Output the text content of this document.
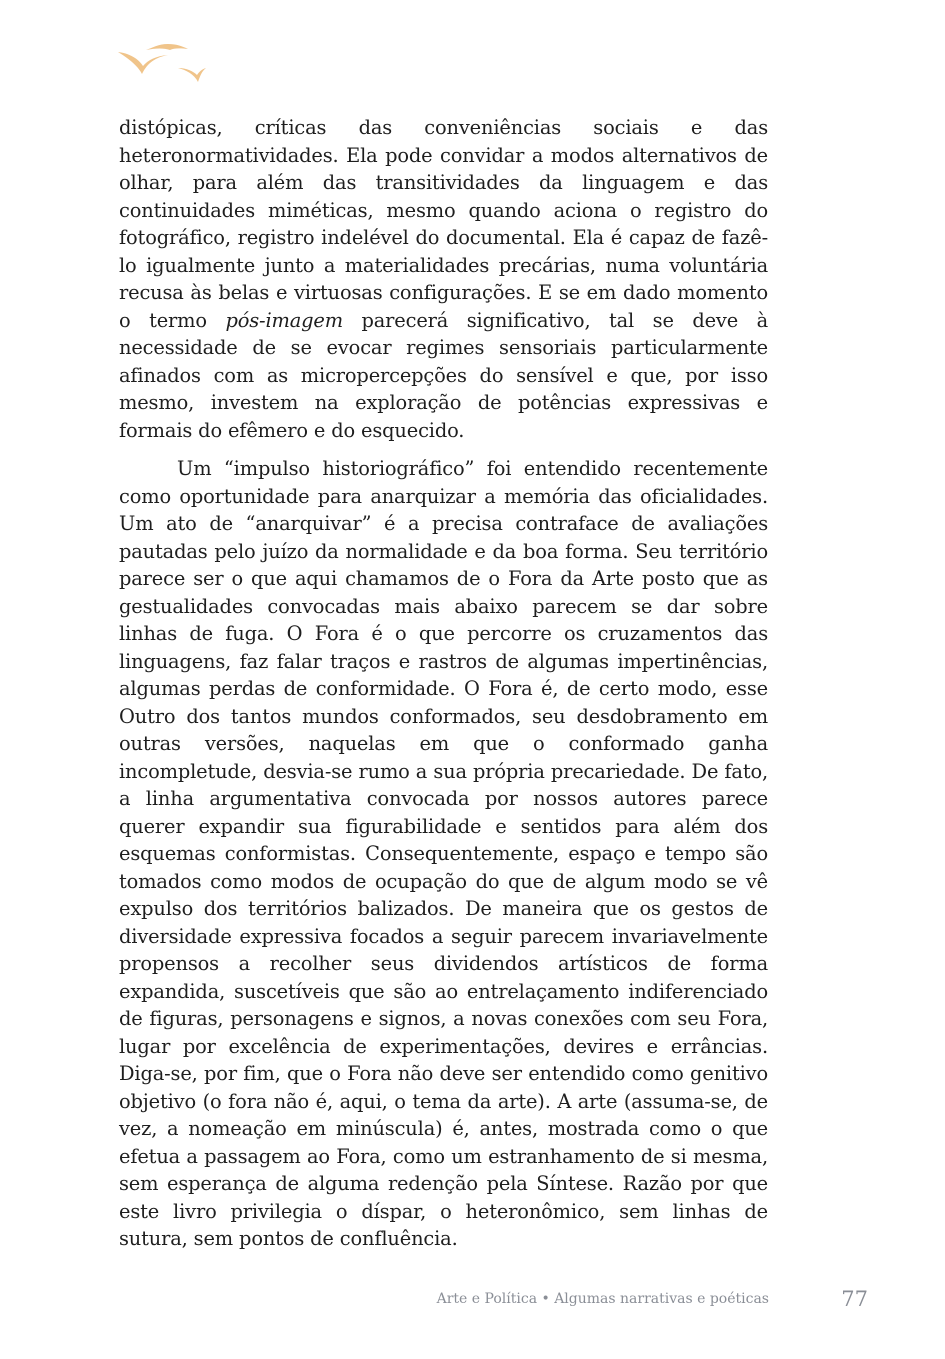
distópicas, críticas das conveniências sociais e das heteronormatividades. Ela pode convidar a modos alternativos de olhar, para além das transitividades da linguagem e das continuidades miméticas, mesmo quando aciona o registro do fotográfico, registro indelével do documental. Ela é capaz de fazê-lo igualmente junto a materialidades precárias, numa voluntária recusa às belas e virtuosas configurações. E se em dado momento o termo pós-imagem parecerá significativo, tal se deve à necessidade de se evocar regimes sensoriais particularmente afinados com as micropercepções do sensível e que, por isso mesmo, investem na exploração de potências expressivas e formais do efêmero e do esquecido.

Um “impulso historiográfico” foi entendido recentemente como oportunidade para anarquizar a memória das oficialidades. Um ato de “anarquivar” é a precisa contraface de avaliações pautadas pelo juízo da normalidade e da boa forma. Seu território parece ser o que aqui chamamos de o Fora da Arte posto que as gestualidades convocadas mais abaixo parecem se dar sobre linhas de fuga. O Fora é o que percorre os cruzamentos das linguagens, faz falar traços e rastros de algumas impertinências, algumas perdas de conformidade. O Fora é, de certo modo, esse Outro dos tantos mundos conformados, seu desdobramento em outras versões, naquelas em que o conformado ganha incompletude, desvia-se rumo a sua própria precariedade. De fato, a linha argumentativa convocada por nossos autores parece querer expandir sua figurabilidade e sentidos para além dos esquemas conformistas. Consequentemente, espaço e tempo são tomados como modos de ocupação do que de algum modo se vê expulso dos territórios balizados. De maneira que os gestos de diversidade expressiva focados a seguir parecem invariavelmente propensos a recolher seus dividendos artísticos de forma expandida, suscetíveis que são ao entrelaçamento indiferenciado de figuras, personagens e signos, a novas conexões com seu Fora, lugar por excelência de experimentações, devires e errâncias. Diga-se, por fim, que o Fora não deve ser entendido como genitivo objetivo (o fora não é, aqui, o tema da arte). A arte (assuma-se, de vez, a nomeação em minúscula) é, antes, mostrada como o que efetua a passagem ao Fora, como um estranhamento de si mesma, sem esperança de alguma redenção pela Síntese. Razão por que este livro privilegia o díspar, o heteronômico, sem linhas de sutura, sem pontos de confluência.

Arte e Política • Algumas narrativas e poéticas	77
